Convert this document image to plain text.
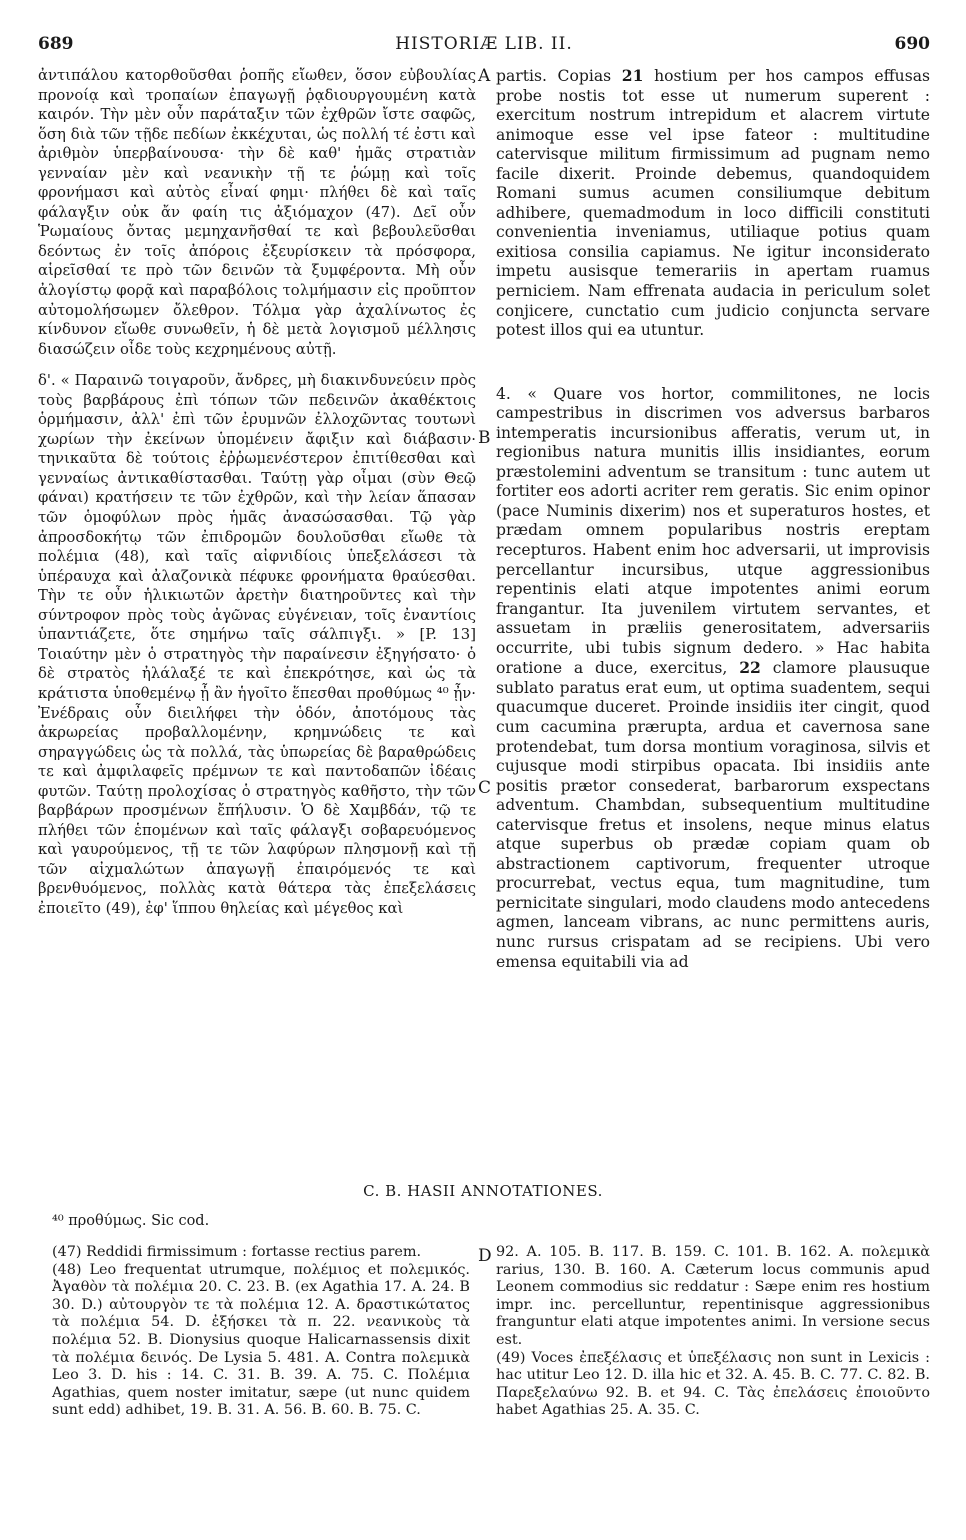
689	HISTORIÆ LIB. II.	690

ἀντιπάλου κατορθοῦσθαι ῥοπῆς εἴωθεν, ὅσον εὐβουλίας προνοίᾳ καὶ τροπαίων ἐπαγωγῇ ῥᾳδιουργουμένη κατὰ καιρόν. Τὴν μὲν οὖν παράταξιν τῶν ἐχθρῶν ἴστε σαφῶς, ὅση διὰ τῶν τῇδε πεδίων ἐκκέχυται, ὡς πολλή τέ ἐστι καὶ ἀριθμὸν ὑπερβαίνουσα· τὴν δὲ καθ' ἡμᾶς στρατιὰν γενναίαν μὲν καὶ νεανικὴν τῇ τε ῥώμῃ καὶ τοῖς φρονήμασι καὶ αὐτὸς εἶναί φημι· πλήθει δὲ καὶ ταῖς φάλαγξιν οὐκ ἄν φαίη τις ἀξιόμαχον (47). Δεῖ οὖν Ῥωμαίους ὄντας μεμηχανῆσθαί τε καὶ βεβουλεῦσθαι δεόντως ἐν τοῖς ἀπόροις ἐξευρίσκειν τὰ πρόσφορα, αἱρεῖσθαί τε πρὸ τῶν δεινῶν τὰ ξυμφέροντα. Μὴ οὖν ἀλογίστῳ φορᾷ καὶ παραβόλοις τολμήμασιν εἰς προῦπτον αὐτομολήσωμεν ὄλεθρον. Τόλμα γὰρ ἀχαλίνωτος ἐς κίνδυνον εἴωθε συνωθεῖν, ἡ δὲ μετὰ λογισμοῦ μέλλησις διασώζειν οἶδε τοὺς κεχρημένους αὐτῇ.

δ'. « Παραινῶ τοιγαροῦν, ἄνδρες, μὴ διακινδυνεύειν πρὸς τοὺς βαρβάρους ἐπὶ τόπων τῶν πεδεινῶν ἀκαθέκτοις ὁρμήμασιν, ἀλλ' ἐπὶ τῶν ἐρυμνῶν ἐλλοχῶντας τουτωνὶ χωρίων τὴν ἐκείνων ὑπομένειν ἄφιξιν καὶ διάβασιν· τηνικαῦτα δὲ τούτοις ἐῤῥωμενέστερον ἐπιτίθεσθαι καὶ γενναίως ἀντικαθίστασθαι. Ταύτῃ γὰρ οἶμαι (σὺν Θεῷ φάναι) κρατήσειν τε τῶν ἐχθρῶν, καὶ τὴν λείαν ἅπασαν τῶν ὁμοφύλων πρὸς ἡμᾶς ἀνασώσασθαι. Τῷ γὰρ ἀπροσδοκήτῳ τῶν ἐπιδρομῶν δουλοῦσθαι εἴωθε τὰ πολέμια (48), καὶ ταῖς αἰφνιδίοις ὑπεξελάσεσι τὰ ὑπέραυχα καὶ ἀλαζονικὰ πέφυκε φρονήματα θραύεσθαι. Τὴν τε οὖν ἡλικιωτῶν ἀρετὴν διατηροῦντες καὶ τὴν σύντροφον πρὸς τοὺς ἀγῶνας εὐγένειαν, τοῖς ἐναντίοις ὑπαντιάζετε, ὅτε σημήνω ταῖς σάλπιγξι. » [P. 13] Τοιαύτην μὲν ὁ στρατηγὸς τὴν παραίνεσιν ἐξηγήσατο· ὁ δὲ στρατὸς ἠλάλαξέ τε καὶ ἐπεκρότησε, καὶ ὡς τὰ κράτιστα ὑποθεμένῳ ᾗ ἂν ἡγοῖτο ἕπεσθαι προθύμως ⁴⁰ ᾖν· Ἐνέδραις οὖν διειλήφει τὴν ὁδόν, ἀποτόμους τὰς ἀκρωρείας προβαλλομένην, κρημνώδεις τε καὶ σηραγγώδεις ὡς τὰ πολλά, τὰς ὑπωρείας δὲ βαραθρώδεις τε καὶ ἀμφιλαφεῖς πρέμνων τε καὶ παντοδαπῶν ἰδέαις φυτῶν. Ταύτῃ προλοχίσας ὁ στρατηγὸς καθῆστο, τὴν τῶν βαρβάρων προσμένων ἔπήλυσιν. Ὁ δὲ Χαμβδάν, τῷ τε πλήθει τῶν ἑπομένων καὶ ταῖς φάλαγξι σοβαρευόμενος καὶ γαυρούμενος, τῇ τε τῶν λαφύρων πλησμονῇ καὶ τῇ τῶν αἰχμαλώτων ἀπαγωγῇ ἐπαιρόμενός τε καὶ βρενθυόμενος, πολλὰς κατὰ θάτερα τὰς ἐπεξελάσεις ἐποιεῖτο (49), ἐφ' ἵππου θηλείας καὶ μέγεθος καὶ

A
B
C
D

partis. Copias 21 hostium per hos campos effusas probe nostis tot esse ut numerum superent : exercitum nostrum intrepidum et alacrem virtute animoque esse vel ipse fateor : multitudine catervisque militum firmissimum ad pugnam nemo facile dixerit. Proinde debemus, quandoquidem Romani sumus acumen consiliumque debitum adhibere, quemadmodum in loco difficili constituti convenientia inveniamus, utiliaque potius quam exitiosa consilia capiamus. Ne igitur inconsiderato impetu ausisque temerariis in apertam ruamus perniciem. Nam effrenata audacia in periculum solet conjicere, cunctatio cum judicio conjuncta servare potest illos qui ea utuntur.

4. « Quare vos hortor, commilitones, ne locis campestribus in discrimen vos adversus barbaros intemperatis incursionibus afferatis, verum ut, in regionibus natura munitis illis insidiantes, eorum præstolemini adventum se transitum : tunc autem ut fortiter eos adorti acriter rem geratis. Sic enim opinor (pace Numinis dixerim) nos et superaturos hostes, et prædam omnem popularibus nostris ereptam recepturos. Habent enim hoc adversarii, ut improvisis percellantur incursibus, utque aggressionibus repentinis elati atque impotentes animi eorum frangantur. Ita juvenilem virtutem servantes, et assuetam in præliis generositatem, adversariis occurrite, ubi tubis signum dedero. » Hac habita oratione a duce, exercitus, 22 clamore plausuque sublato paratus erat eum, ut optima suadentem, sequi quacumque duceret. Proinde insidiis iter cingit, quod cum cacumina prærupta, ardua et cavernosa sane protendebat, tum dorsa montium voraginosa, silvis et cujusque modi stirpibus opacata. Ibi insidiis ante positis prætor consederat, barbarorum exspectans adventum. Chambdan, subsequentium multitudine catervisque fretus et insolens, neque minus elatus atque superbus ob prædæ copiam quam ob abstractionem captivorum, frequenter utroque procurrebat, vectus equa, tum magnitudine, tum pernicitate singulari, modo claudens modo antecedens agmen, lanceam vibrans, ac nunc permittens auris, nunc rursus crispatam ad se recipiens. Ubi vero emensa equitabili via ad

C. B. HASII ANNOTATIONES.
⁴⁰ προθύμως. Sic cod.

(47) Reddidi firmissimum : fortasse rectius parem.

(48) Leo frequentat utrumque, πολέμιος et πολεμικός. Ἀγαθὸν τὰ πολέμια 20. C. 23. B. (ex Agathia 17. A. 24. B 30. D.) αὐτουργὸν τε τὰ πολέμια 12. A. δραστικώτατος τὰ πολέμια 54. D. ἐξήσκει τὰ π. 22. νεανικοὺς τὰ πολέμια 52. B. Dionysius quoque Halicarnassensis dixit τὰ πολέμια δεινός. De Lysia 5. 481. A. Contra πολεμικὰ Leo 3. D. his : 14. C. 31. B. 39. A. 75. C. Πολέμια Agathias, quem noster imitatur, sæpe (ut nunc quidem sunt edd) adhibet, 19. B. 31. A. 56. B. 60. B. 75. C.

92. A. 105. B. 117. B. 159. C. 101. B. 162. A. πολεμικὰ rarius, 130. B. 160. A. Cæterum locus communis apud Leonem commodius sic reddatur : Sæpe enim res hostium impr. inc. percelluntur, repentinisque aggressionibus franguntur elati atque impotentes animi. In versione secus est.

(49) Voces ἐπεξέλασις et ὑπεξέλασις non sunt in Lexicis : hac utitur Leo 12. D. illa hic et 32. A. 45. B. C. 77. C. 82. B. Παρεξελαύνω 92. B. et 94. C. Τὰς ἐπελάσεις ἐποιοῦντο habet Agathias 25. A. 35. C.
